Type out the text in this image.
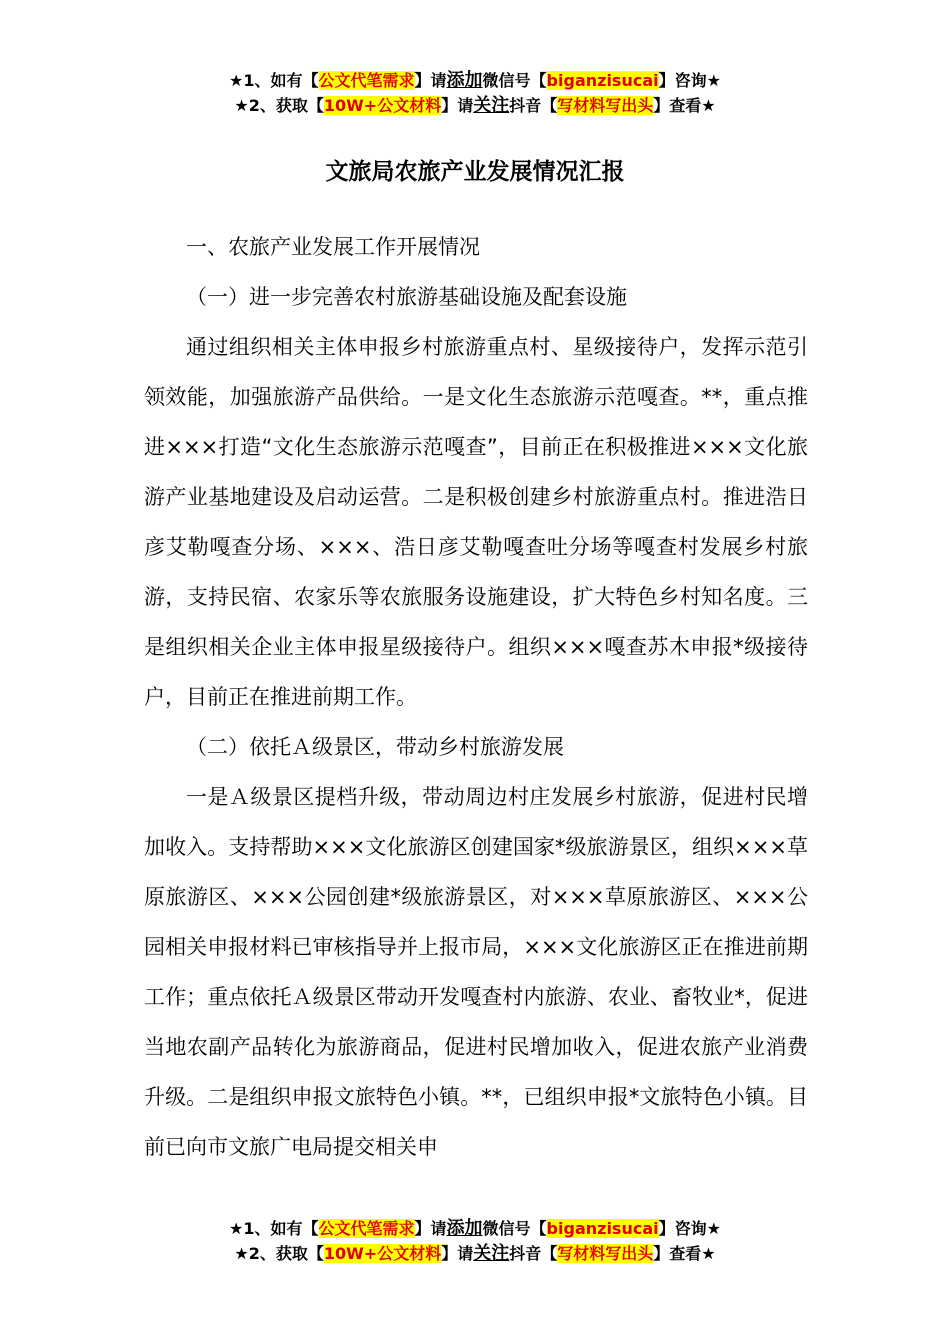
★1、如有【公文代笔需求】请添加微信号【biganzisucai】咨询★
★2、获取【10W+公文材料】请关注抖音【写材料写出头】查看★
文旅局农旅产业发展情况汇报

一、农旅产业发展工作开展情况

（一）进一步完善农村旅游基础设施及配套设施

通过组织相关主体申报乡村旅游重点村、星级接待户，发挥示范引领效能，加强旅游产品供给。一是文化生态旅游示范嘎查。**，重点推进×××打造“文化生态旅游示范嘎查”，目前正在积极推进×××文化旅游产业基地建设及启动运营。二是积极创建乡村旅游重点村。推进浩日彦艾勒嘎查分场、×××、浩日彦艾勒嘎查吐分场等嘎查村发展乡村旅游，支持民宿、农家乐等农旅服务设施建设，扩大特色乡村知名度。三是组织相关企业主体申报星级接待户。组织×××嘎查苏木申报*级接待户，目前正在推进前期工作。

（二）依托Ａ级景区，带动乡村旅游发展

一是Ａ级景区提档升级，带动周边村庄发展乡村旅游，促进村民增加收入。支持帮助×××文化旅游区创建国家*级旅游景区，组织×××草原旅游区、×××公园创建*级旅游景区，对×××草原旅游区、×××公园相关申报材料已审核指导并上报市局，×××文化旅游区正在推进前期工作；重点依托Ａ级景区带动开发嘎查村内旅游、农业、畜牧业*，促进当地农副产品转化为旅游商品，促进村民增加收入，促进农旅产业消费升级。二是组织申报文旅特色小镇。**，已组织申报*文旅特色小镇。目前已向市文旅广电局提交相关申

★1、如有【公文代笔需求】请添加微信号【biganzisucai】咨询★
★2、获取【10W+公文材料】请关注抖音【写材料写出头】查看★
